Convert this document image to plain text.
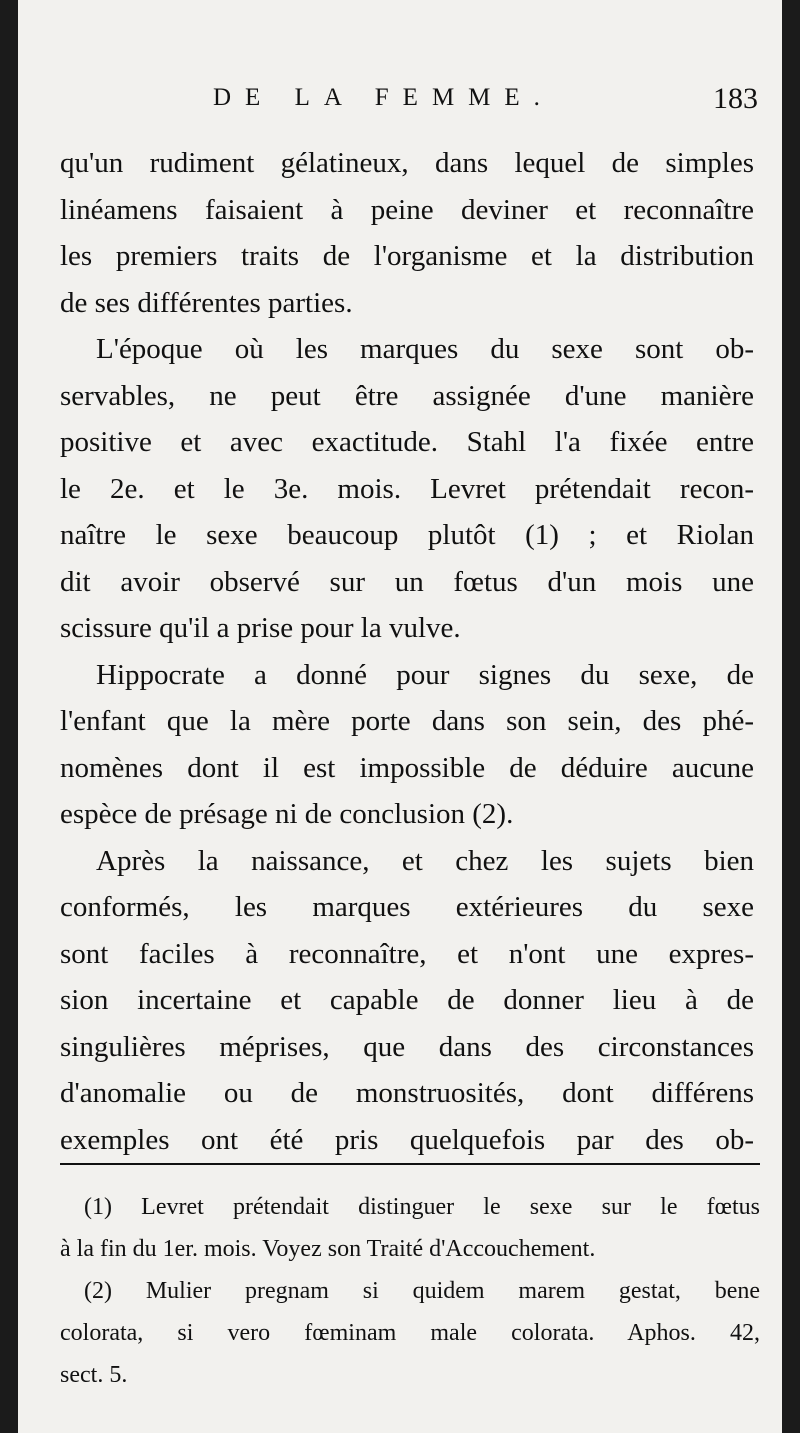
DE LA FEMME.	183
qu'un rudiment gélatineux, dans lequel de simples
linéamens faisaient à peine deviner et reconnaître
les premiers traits de l'organisme et la distribution
de ses différentes parties.
L'époque où les marques du sexe sont ob-
servables, ne peut être assignée d'une manière
positive et avec exactitude. Stahl l'a fixée entre
le 2e. et le 3e. mois. Levret prétendait recon-
naître le sexe beaucoup plutôt (1) ; et Riolan
dit avoir observé sur un fœtus d'un mois une
scissure qu'il a prise pour la vulve.
Hippocrate a donné pour signes du sexe, de
l'enfant que la mère porte dans son sein, des phé-
nomènes dont il est impossible de déduire aucune
espèce de présage ni de conclusion (2).
Après la naissance, et chez les sujets bien
conformés, les marques extérieures du sexe
sont faciles à reconnaître, et n'ont une expres-
sion incertaine et capable de donner lieu à de
singulières méprises, que dans des circonstances
d'anomalie ou de monstruosités, dont différens
exemples ont été pris quelquefois par des ob-
(1) Levret prétendait distinguer le sexe sur le fœtus
à la fin du 1er. mois. Voyez son Traité d'Accouchement.
(2) Mulier pregnam si quidem marem gestat, bene
colorata, si vero fœminam male colorata. Aphos. 42,
sect. 5.
